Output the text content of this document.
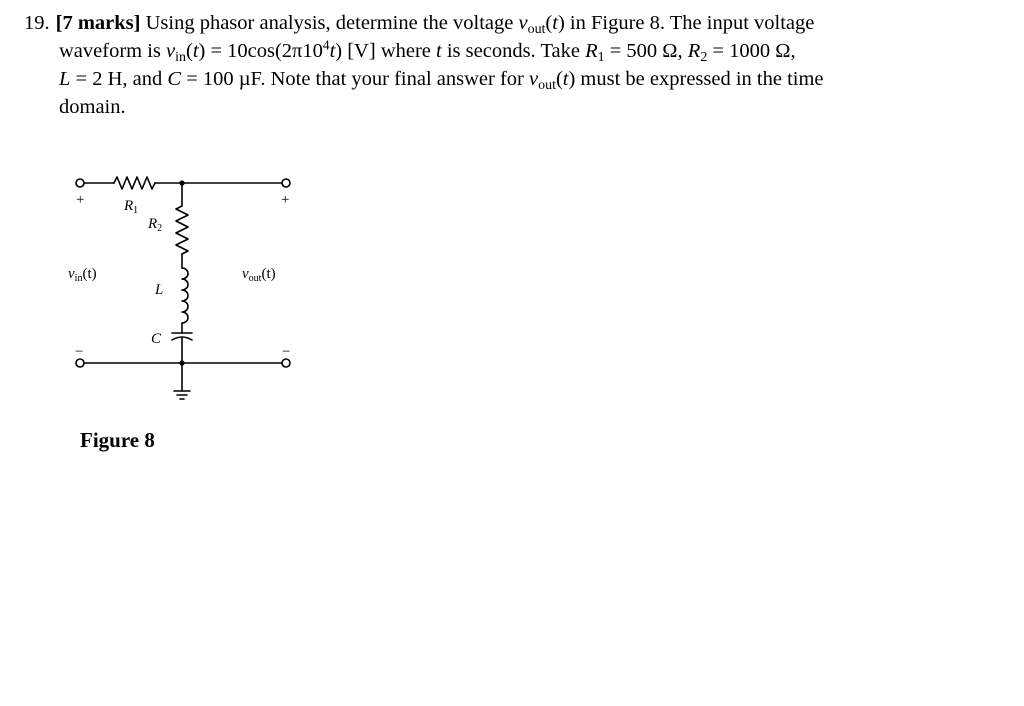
19. [7 marks] Using phasor analysis, determine the voltage $v_{out}(t)$ in Figure 8. The input voltage
waveform is $v_{in}(t) = 10\cos(2\pi 10^4t)$ [V] where t is seconds. Take $R_1 = 500$ Ω, $R_2 = 1000$ Ω,
L = 2 H, and C = 100 µF. Note that your final answer for $v_{out}(t)$ must be expressed in the time
domain.
+	+
−	−
$R_1$
$R_2$
L
C
$v_{in}(t)$	$v_{out}(t)$
Figure 8
